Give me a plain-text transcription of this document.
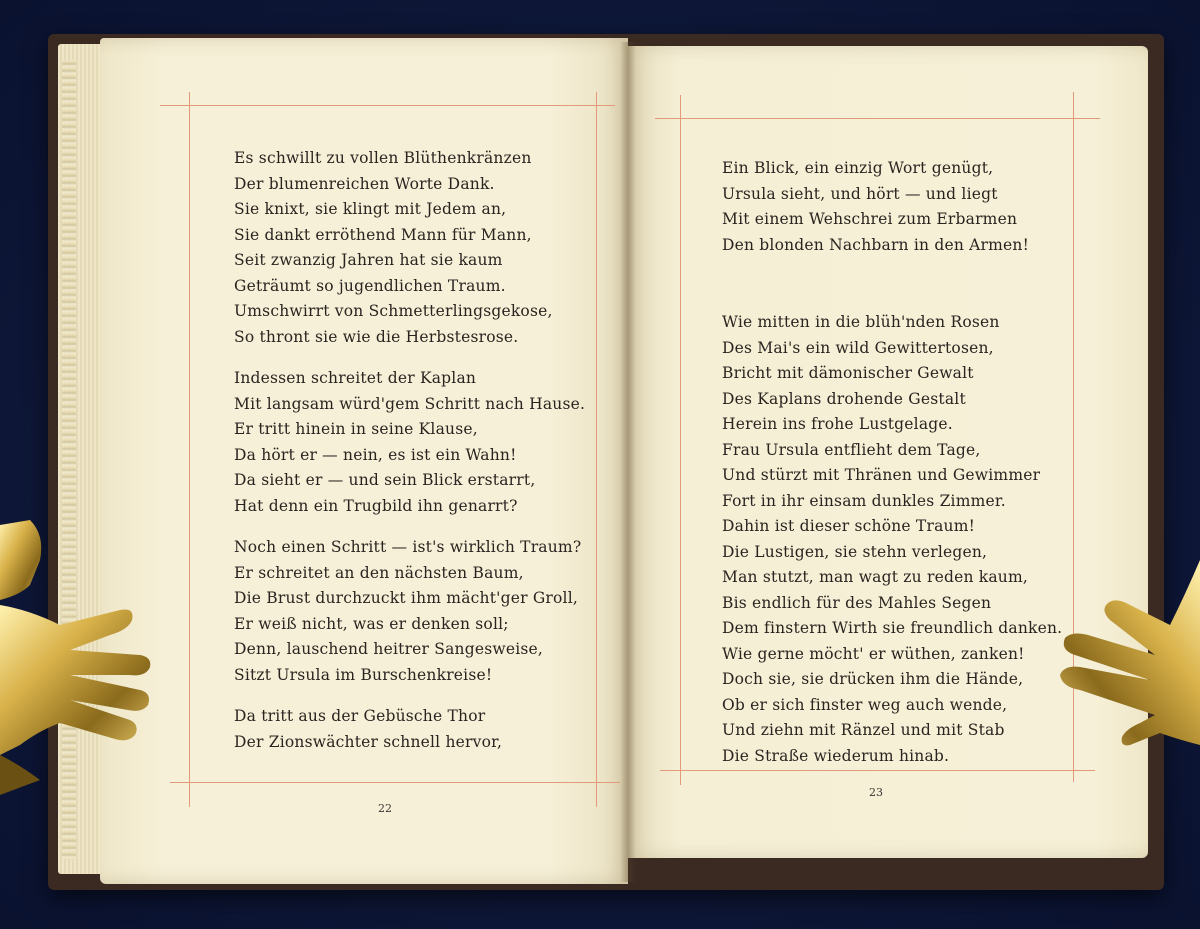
Es schwillt zu vollen Blüthenkränzen
Der blumenreichen Worte Dank.
Sie knixt, sie klingt mit Jedem an,
Sie dankt erröthend Mann für Mann,
Seit zwanzig Jahren hat sie kaum
Geträumt so jugendlichen Traum.
Umschwirrt von Schmetterlingsgekose,
So thront sie wie die Herbstesrose.
Indessen schreitet der Kaplan
Mit langsam würd'gem Schritt nach Hause.
Er tritt hinein in seine Klause,
Da hört er — nein, es ist ein Wahn!
Da sieht er — und sein Blick erstarrt,
Hat denn ein Trugbild ihn genarrt?
Noch einen Schritt — ist's wirklich Traum?
Er schreitet an den nächsten Baum,
Die Brust durchzuckt ihm mächt'ger Groll,
Er weiß nicht, was er denken soll;
Denn, lauschend heitrer Sangesweise,
Sitzt Ursula im Burschenkreise!
Da tritt aus der Gebüsche Thor
Der Zionswächter schnell hervor,
22
Ein Blick, ein einzig Wort genügt,
Ursula sieht, und hört — und liegt
Mit einem Wehschrei zum Erbarmen
Den blonden Nachbarn in den Armen!
Wie mitten in die blüh'nden Rosen
Des Mai's ein wild Gewittertosen,
Bricht mit dämonischer Gewalt
Des Kaplans drohende Gestalt
Herein ins frohe Lustgelage.
Frau Ursula entflieht dem Tage,
Und stürzt mit Thränen und Gewimmer
Fort in ihr einsam dunkles Zimmer.
Dahin ist dieser schöne Traum!
Die Lustigen, sie stehn verlegen,
Man stutzt, man wagt zu reden kaum,
Bis endlich für des Mahles Segen
Dem finstern Wirth sie freundlich danken.
Wie gerne möcht' er wüthen, zanken!
Doch sie, sie drücken ihm die Hände,
Ob er sich finster weg auch wende,
Und ziehn mit Ränzel und mit Stab
Die Straße wiederum hinab.
23
